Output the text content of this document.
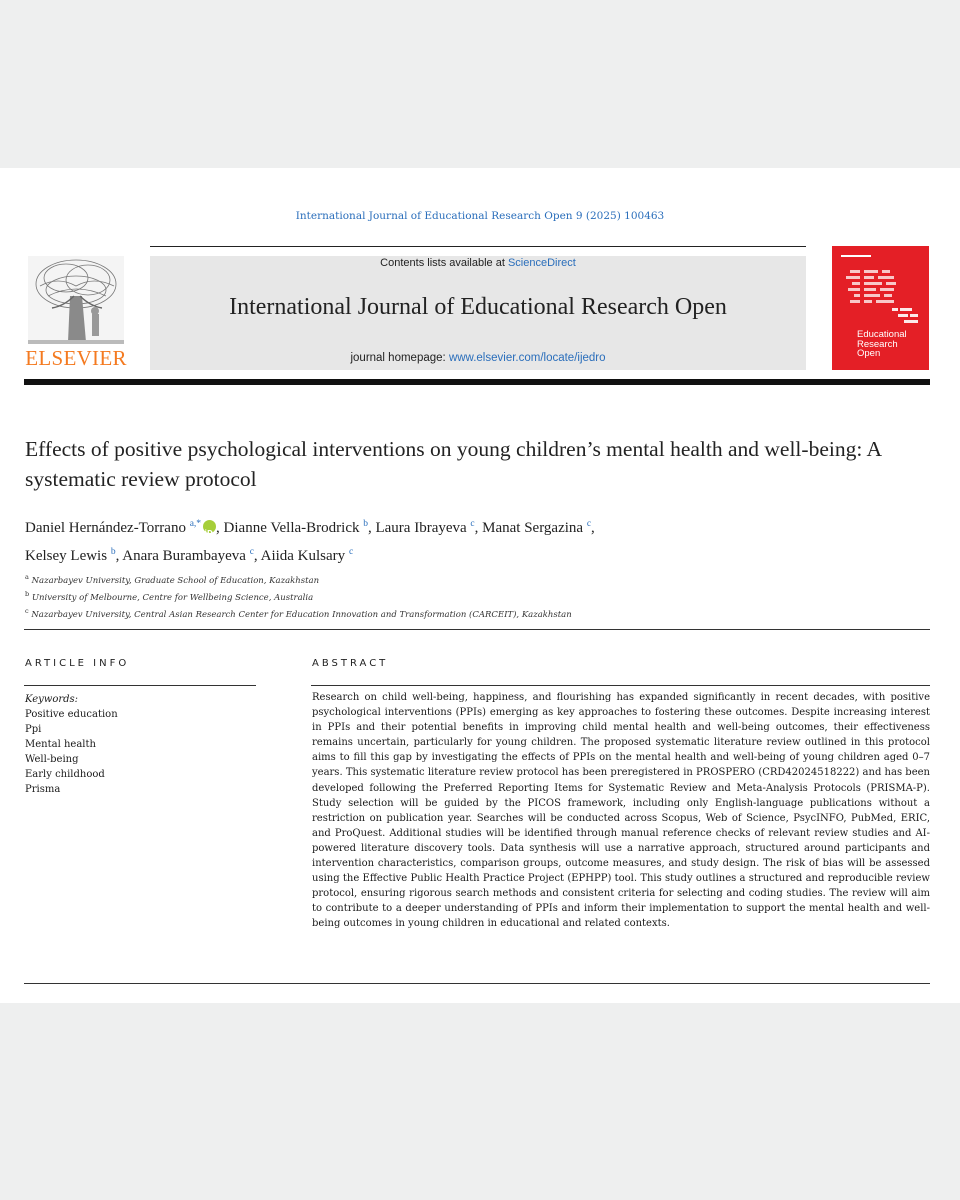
International Journal of Educational Research Open 9 (2025) 100463
ELSEVIER
Contents lists available at ScienceDirect
International Journal of Educational Research Open
journal homepage: www.elsevier.com/locate/ijedro
Educational
Research
Open
Effects of positive psychological interventions on young children’s mental health and well-being: A systematic review protocol
Daniel Hernández-Torrano $^{a,*}$iD , Dianne Vella-Brodrick $^b$, Laura Ibrayeva $^c$, Manat Sergazina $^c$,
Kelsey Lewis $^b$, Anara Burambayeva $^c$, Aiida Kulsary $^c$
$^a$ Nazarbayev University, Graduate School of Education, Kazakhstan
$^b$ University of Melbourne, Centre for Wellbeing Science, Australia
$^c$ Nazarbayev University, Central Asian Research Center for Education Innovation and Transformation (CARCEIT), Kazakhstan
ARTICLE INFO	ABSTRACT
Keywords:
Positive education
Ppi
Mental health
Well-being
Early childhood
Prisma
Research on child well-being, happiness, and flourishing has expanded significantly in recent decades, with positive psychological interventions (PPIs) emerging as key approaches to fostering these outcomes. Despite increasing interest in PPIs and their potential benefits in improving child mental health and well-being outcomes, their effectiveness remains uncertain, particularly for young children. The proposed systematic literature review outlined in this protocol aims to fill this gap by investigating the effects of PPIs on the mental health and well-being of young children aged 0–7 years. This systematic literature review protocol has been preregistered in PROSPERO (CRD42024518222) and has been developed following the Preferred Reporting Items for Systematic Review and Meta-Analysis Protocols (PRISMA-P). Study selection will be guided by the PICOS framework, including only English-language publications without a restriction on publication year. Searches will be conducted across Scopus, Web of Science, PsycINFO, PubMed, ERIC, and ProQuest. Additional studies will be identified through manual reference checks of relevant review studies and AI-powered literature discovery tools. Data synthesis will use a narrative approach, structured around participants and intervention characteristics, comparison groups, outcome measures, and study design. The risk of bias will be assessed using the Effective Public Health Practice Project (EPHPP) tool. This study outlines a structured and reproducible review protocol, ensuring rigorous search methods and consistent criteria for selecting and coding studies. The review will aim to contribute to a deeper understanding of PPIs and inform their implementation to support the mental health and well-being outcomes in young children in educational and related contexts.
